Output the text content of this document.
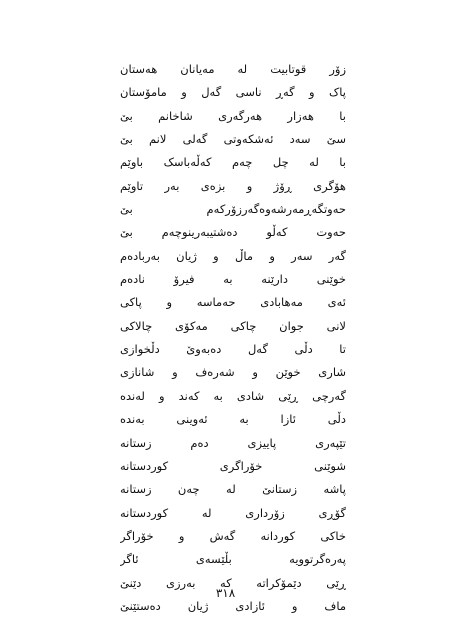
زۆر قوتابیت لە مەیانان هەستان
پاک و گەڕ ناسی گەل و مامۆستان
با هەزار هەرگەری شاخانم بێ
سێ سەد ئەشکەوتی گەلی لانم بێ
با لە چل چەم کەڵەباسک باوێم
هۆگری ڕۆژ و بزەی بەر تاوێم
حەوتگەڕمەرشەوەگەرزۆرکەم بێ
حەوت کەڵو دەشتیبەرینوچەم بێ
گەر سەر و ماڵ و ژیان بەربادەم
خوێنی دارێنە بە فیرۆ نادەم
ئەی مەهابادی حەماسە و پاکی
لانی جوان چاکی مەکۆی چالاکی
تا دڵی گەل دەبەوێ دڵخوازی
شاری خوێن و شەرەف و شانازی
گەرچی ڕێی شادی بە کەند و لەندە
دڵی ئازا بە ئەوینی بەندە
تێپەری پاییزی دەم زستانە
شوێنی خۆراگری کوردستانە
پاشە زستانێ لە چەن زستانە
گۆڕی زۆرداری لە کوردستانە
خاکی کوردانە گەش و خۆراگر
پەرەگرتوویە بڵێسەی ئاگر
ڕێی دێمۆکراتە کە بەرزی دێنێ
ماف و ئازادی ژیان دەستێنێ
٣١٨
